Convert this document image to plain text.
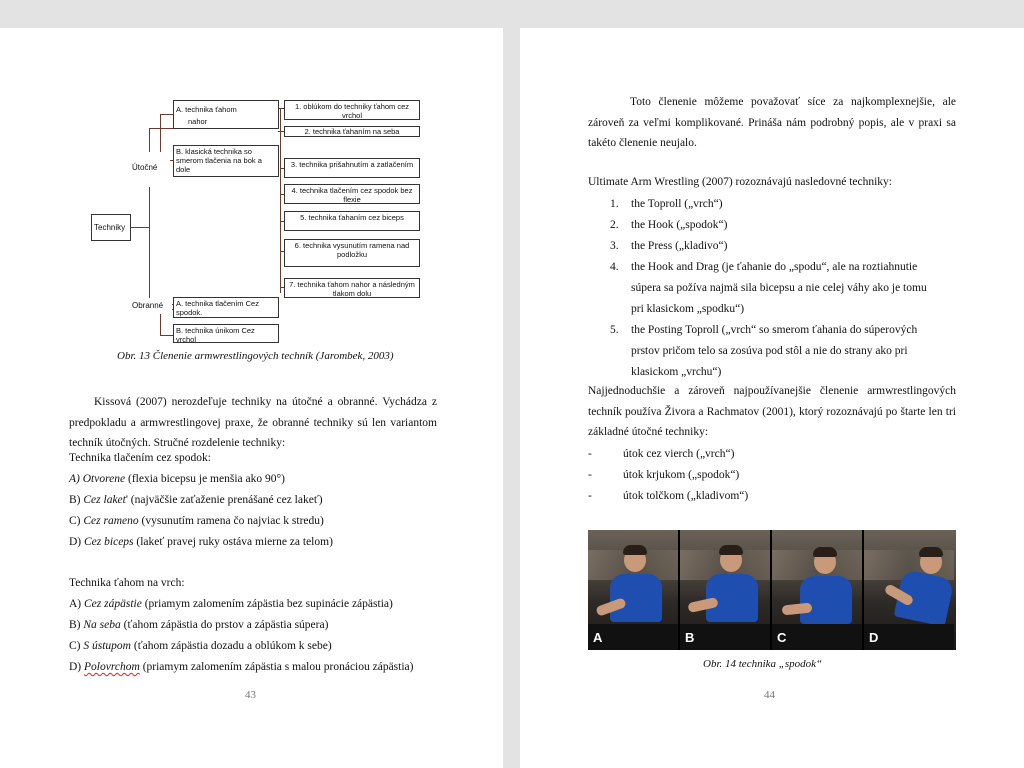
Techniky
Útočné
Obranné
A. technika ťahom
nahor
B. klasická technika so smerom tlačenia na bok a dole
A. technika tlačením Cez spodok.
B. technika únikom Cez vrchol
1. oblúkom do techniky ťahom cez vrchol
2. technika ťahaním na seba
3. technika prišahnutím a zatlačením
4. technika tlačením cez spodok bez flexie
5. technika ťahaním cez biceps
6. technika vysunutím ramena nad podložku
7. technika ťahom nahor a následným tlakom dolu
Obr. 13 Členenie armwrestlingových techník (Jarombek, 2003)
Kissová (2007) nerozdeľuje techniky na útočné a obranné. Vychádza z predpokladu a armwrestlingovej praxe, že obranné techniky sú len variantom techník útočných. Stručné rozdelenie techniky:
Technika tlačením cez spodok:
A) Otvorene (flexia bicepsu je menšia ako 90°)
B) Cez laket' (najväčšie zaťaženie prenášané cez lakeť)
C) Cez rameno (vysunutím ramena čo najviac k stredu)
D) Cez biceps (lakeť pravej ruky ostáva mierne za telom)
Technika ťahom na vrch:
A) Cez zápästie (priamym zalomením zápästia bez supinácie zápästia)
B) Na seba (ťahom zápästia do prstov a zápästia súpera)
C) S ústupom (ťahom zápästia dozadu a oblúkom k sebe)
D) Polovrchom (priamym zalomením zápästia s malou pronáciou zápästia)
43
Toto členenie môžeme považovať síce za najkomplexnejšie, ale zároveň za veľmi komplikované. Prináša nám podrobný popis, ale v praxi sa takéto členenie neujalo.
Ultimate Arm Wrestling (2007) rozoznávajú nasledovné techniky:
1. the Toproll („vrch“)
2. the Hook („spodok“)
3. the Press („kladivo“)
4. the Hook and Drag (je ťahanie do „spodu“, ale na roztiahnutie
súpera sa požíva najmä sila bicepsu a nie celej váhy ako je tomu
pri klasickom „spodku“)
5. the Posting Toproll („vrch“ so smerom ťahania do súperových
prstov pričom telo sa zosúva pod stôl a nie do strany ako pri
klasickom „vrchu“)
Najjednoduchšie a zároveň najpoužívanejšie členenie armwrestlingových techník používa Živora a Rachmatov (2001), ktorý rozoznávajú po štarte len tri základné útočné techniky:
-	útok cez vierch („vrch“)
-	útok krjukom („spodok“)
-	útok tolčkom („kladivom“)
A	B	C	D
Obr. 14 technika „spodok“
44
